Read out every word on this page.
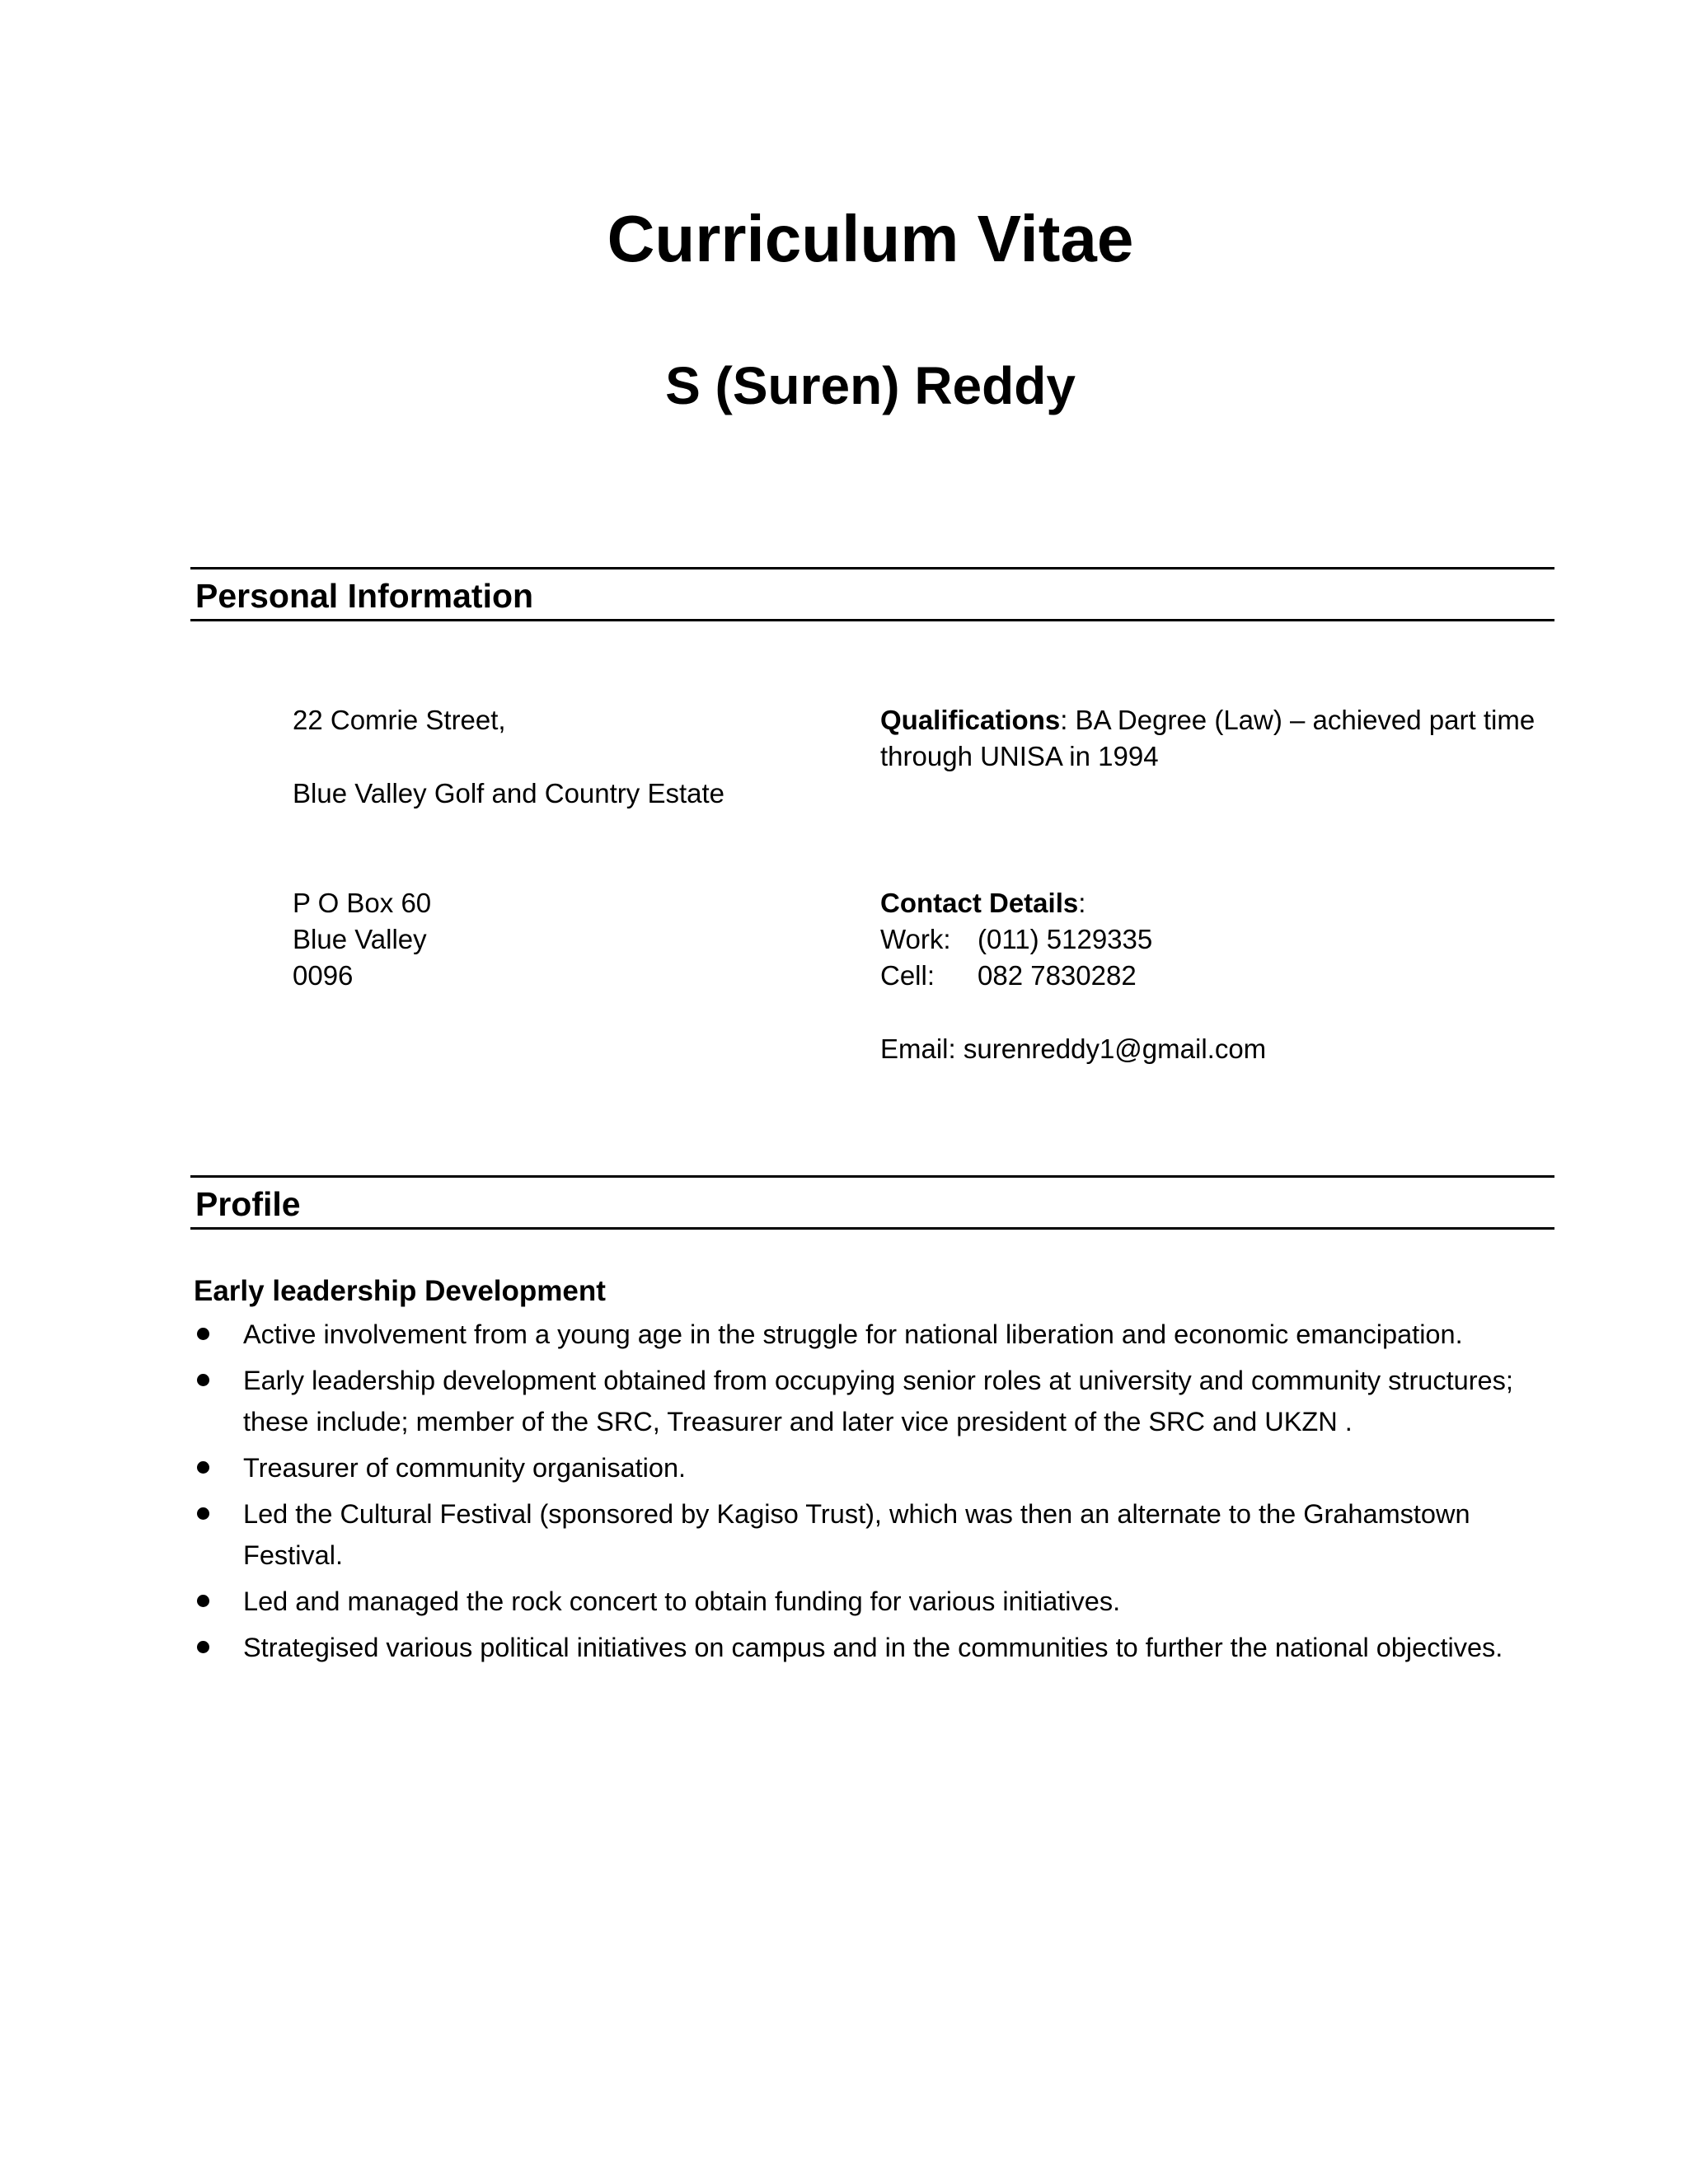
Curriculum Vitae
S (Suren) Reddy
Personal Information
22 Comrie Street,
Blue Valley Golf and Country Estate
P O Box 60
Blue Valley
0096
Qualifications: BA Degree (Law) – achieved part time
through UNISA in 1994
Contact Details:
Work: (011) 5129335
Cell: 082 7830282
Email: surenreddy1@gmail.com
Profile
Early leadership Development
Active involvement from a young age in the struggle for national liberation and economic emancipation.
Early leadership development obtained from occupying senior roles at university and community structures; these include; member of the SRC, Treasurer and later vice president of the SRC and UKZN .
Treasurer of community organisation.
Led the Cultural Festival (sponsored by Kagiso Trust), which was then an alternate to the Grahamstown Festival.
Led and managed the rock concert to obtain funding for various initiatives.
Strategised various political initiatives on campus and in the communities to further the national objectives.
